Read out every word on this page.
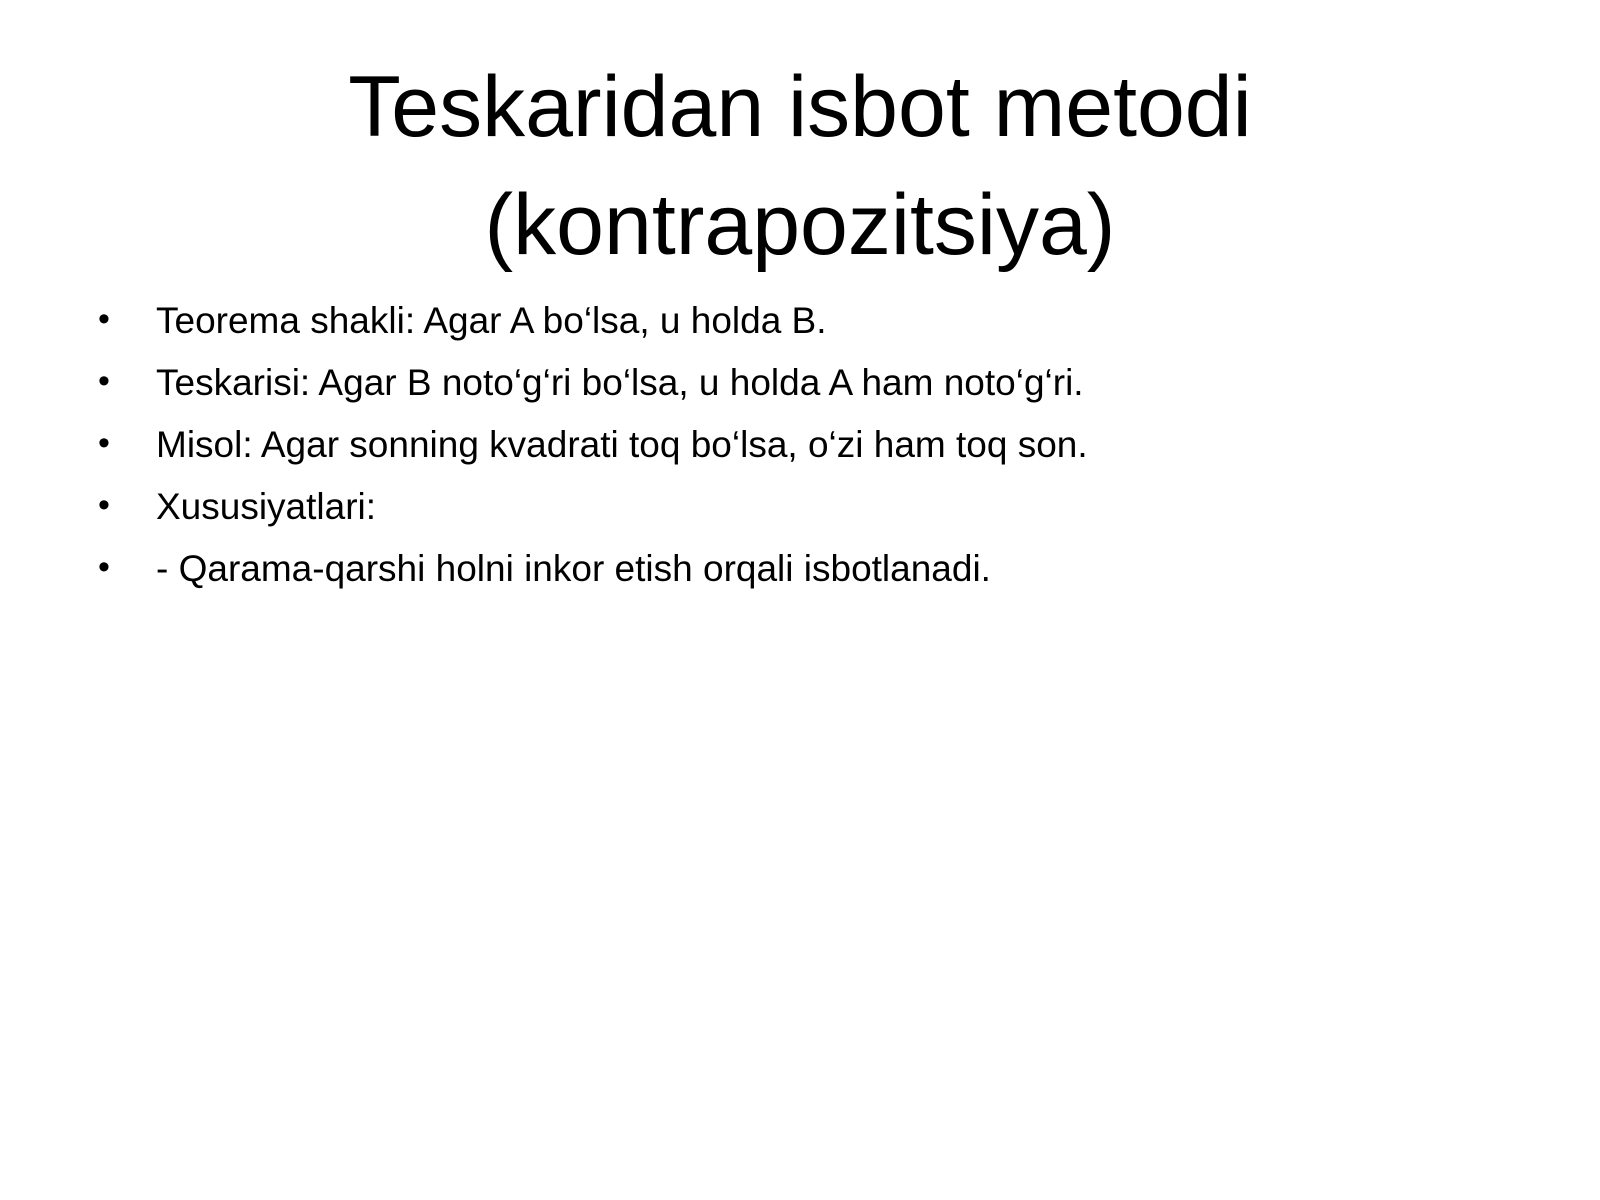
Teskaridan isbot metodi
(kontrapozitsiya)
• Teorema shakli: Agar A bo‘lsa, u holda B.
• Teskarisi: Agar B noto‘g‘ri bo‘lsa, u holda A ham noto‘g‘ri.
• Misol: Agar sonning kvadrati toq bo‘lsa, o‘zi ham toq son.
• Xususiyatlari:
• - Qarama-qarshi holni inkor etish orqali isbotlanadi.
